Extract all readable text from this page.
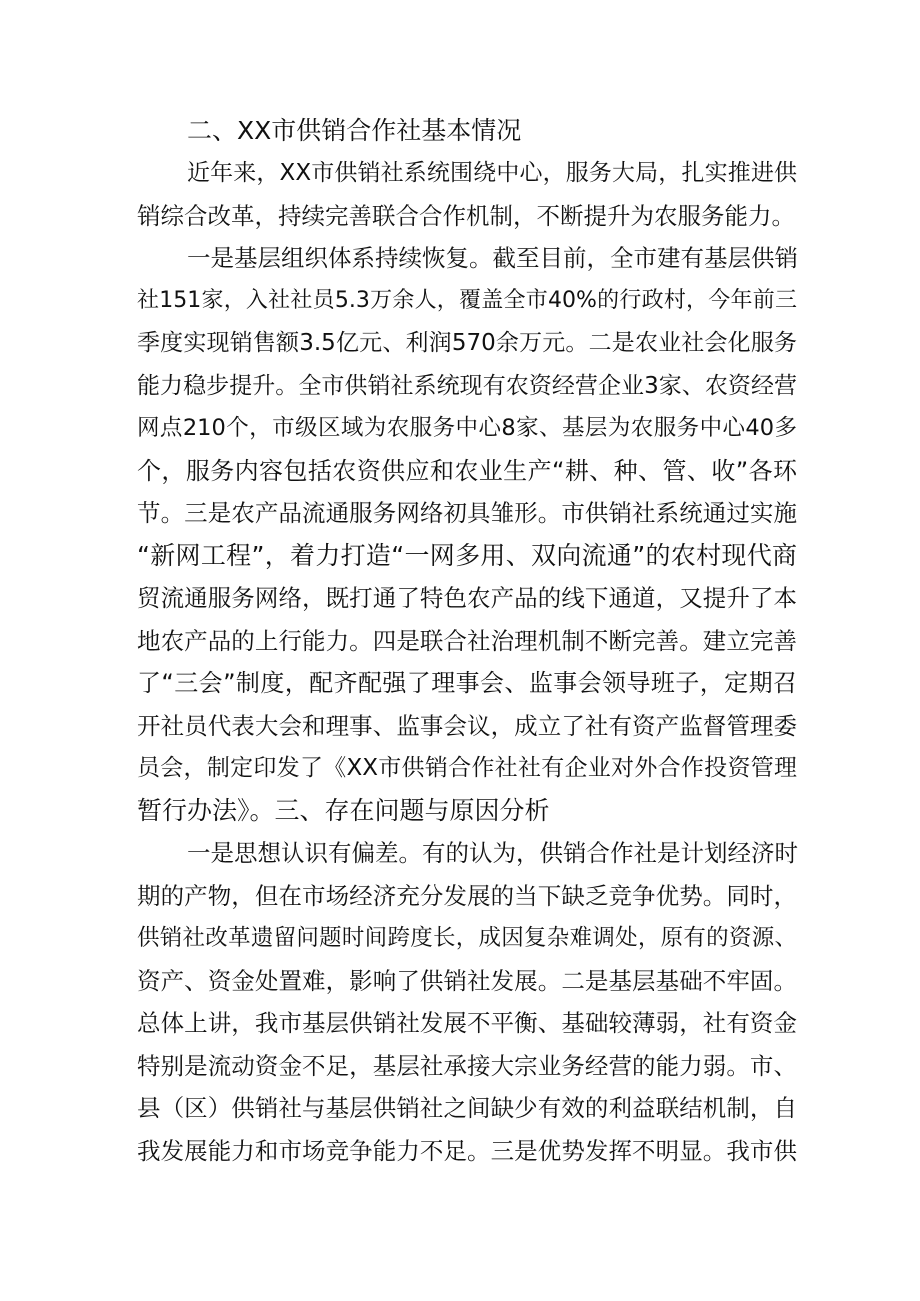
二、XX市供销合作社基本情况
近年来，XX市供销社系统围绕中心，服务大局，扎实推进供
销综合改革，持续完善联合合作机制，不断提升为农服务能力。
一是基层组织体系持续恢复。截至目前，全市建有基层供销
社151家，入社社员5.3万余人，覆盖全市40%的行政村，今年前三
季度实现销售额3.5亿元、利润570余万元。二是农业社会化服务
能力稳步提升。全市供销社系统现有农资经营企业3家、农资经营
网点210个，市级区域为农服务中心8家、基层为农服务中心40多
个，服务内容包括农资供应和农业生产“耕、种、管、收”各环
节。三是农产品流通服务网络初具雏形。市供销社系统通过实施
“新网工程”，着力打造“一网多用、双向流通”的农村现代商
贸流通服务网络，既打通了特色农产品的线下通道，又提升了本
地农产品的上行能力。四是联合社治理机制不断完善。建立完善
了“三会”制度，配齐配强了理事会、监事会领导班子，定期召
开社员代表大会和理事、监事会议，成立了社有资产监督管理委
员会，制定印发了《XX市供销合作社社有企业对外合作投资管理
暂行办法》。三、存在问题与原因分析
一是思想认识有偏差。有的认为，供销合作社是计划经济时
期的产物，但在市场经济充分发展的当下缺乏竞争优势。同时，
供销社改革遗留问题时间跨度长，成因复杂难调处，原有的资源、
资产、资金处置难，影响了供销社发展。二是基层基础不牢固。
总体上讲，我市基层供销社发展不平衡、基础较薄弱，社有资金
特别是流动资金不足，基层社承接大宗业务经营的能力弱。市、
县（区）供销社与基层供销社之间缺少有效的利益联结机制，自
我发展能力和市场竞争能力不足。三是优势发挥不明显。我市供
